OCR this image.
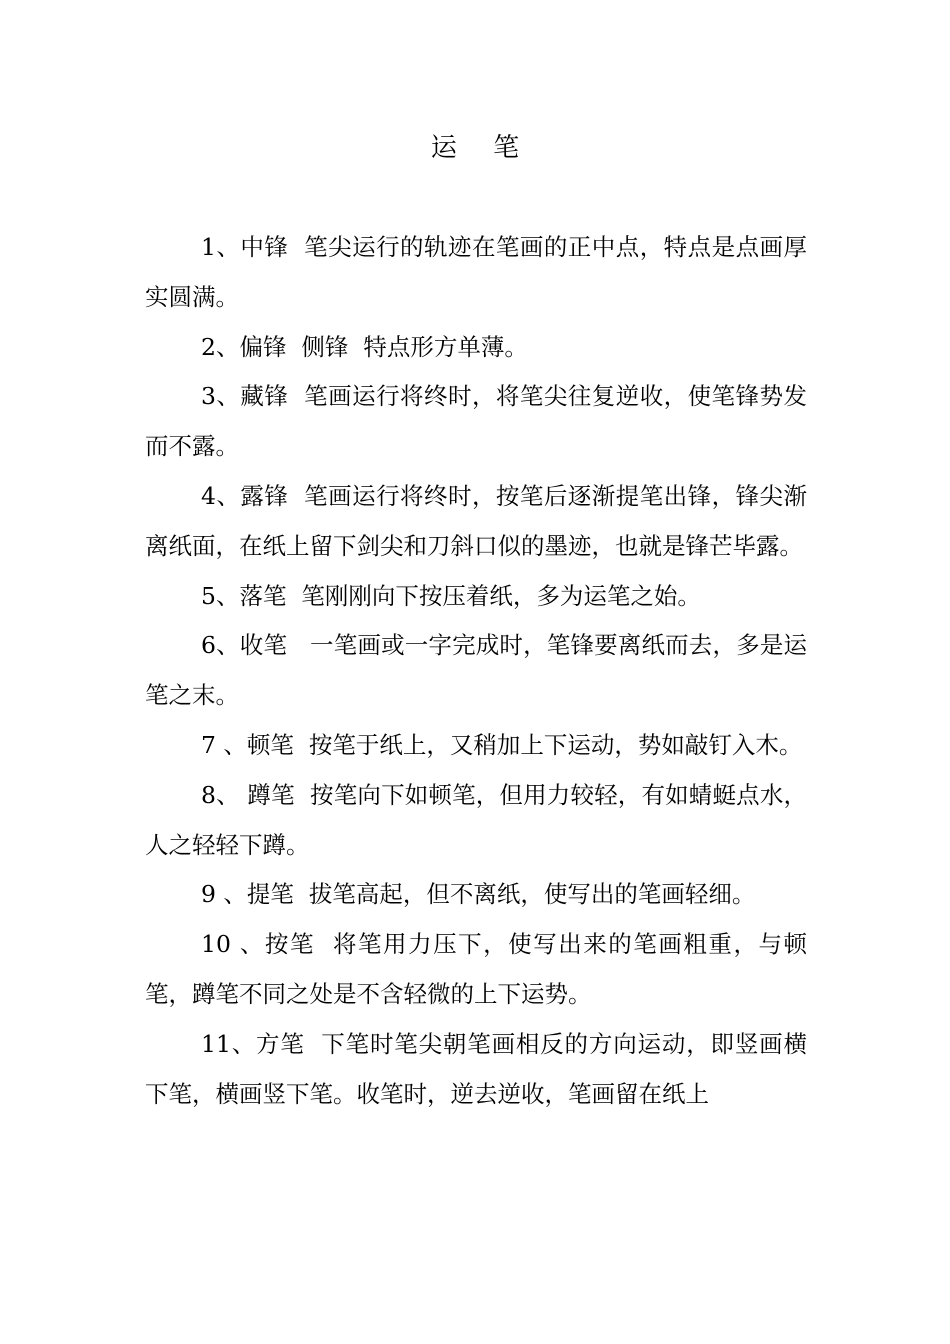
运 笔

1、中锋  笔尖运行的轨迹在笔画的正中点，特点是点画厚实圆满。

2、偏锋  侧锋  特点形方单薄。

3、藏锋  笔画运行将终时，将笔尖往复逆收，使笔锋势发而不露。

4、露锋  笔画运行将终时，按笔后逐渐提笔出锋，锋尖渐离纸面，在纸上留下剑尖和刀斜口似的墨迹，也就是锋芒毕露。

5、落笔  笔刚刚向下按压着纸，多为运笔之始。

6、收笔   一笔画或一字完成时，笔锋要离纸而去，多是运笔之末。

7 、顿笔  按笔于纸上，又稍加上下运动，势如敲钉入木。

8、 蹲笔  按笔向下如顿笔，但用力较轻，有如蜻蜓点水，人之轻轻下蹲。

9 、提笔  拔笔高起，但不离纸，使写出的笔画轻细。

10 、按笔  将笔用力压下，使写出来的笔画粗重，与顿笔，蹲笔不同之处是不含轻微的上下运势。

11、方笔  下笔时笔尖朝笔画相反的方向运动，即竖画横下笔，横画竖下笔。收笔时，逆去逆收，笔画留在纸上
